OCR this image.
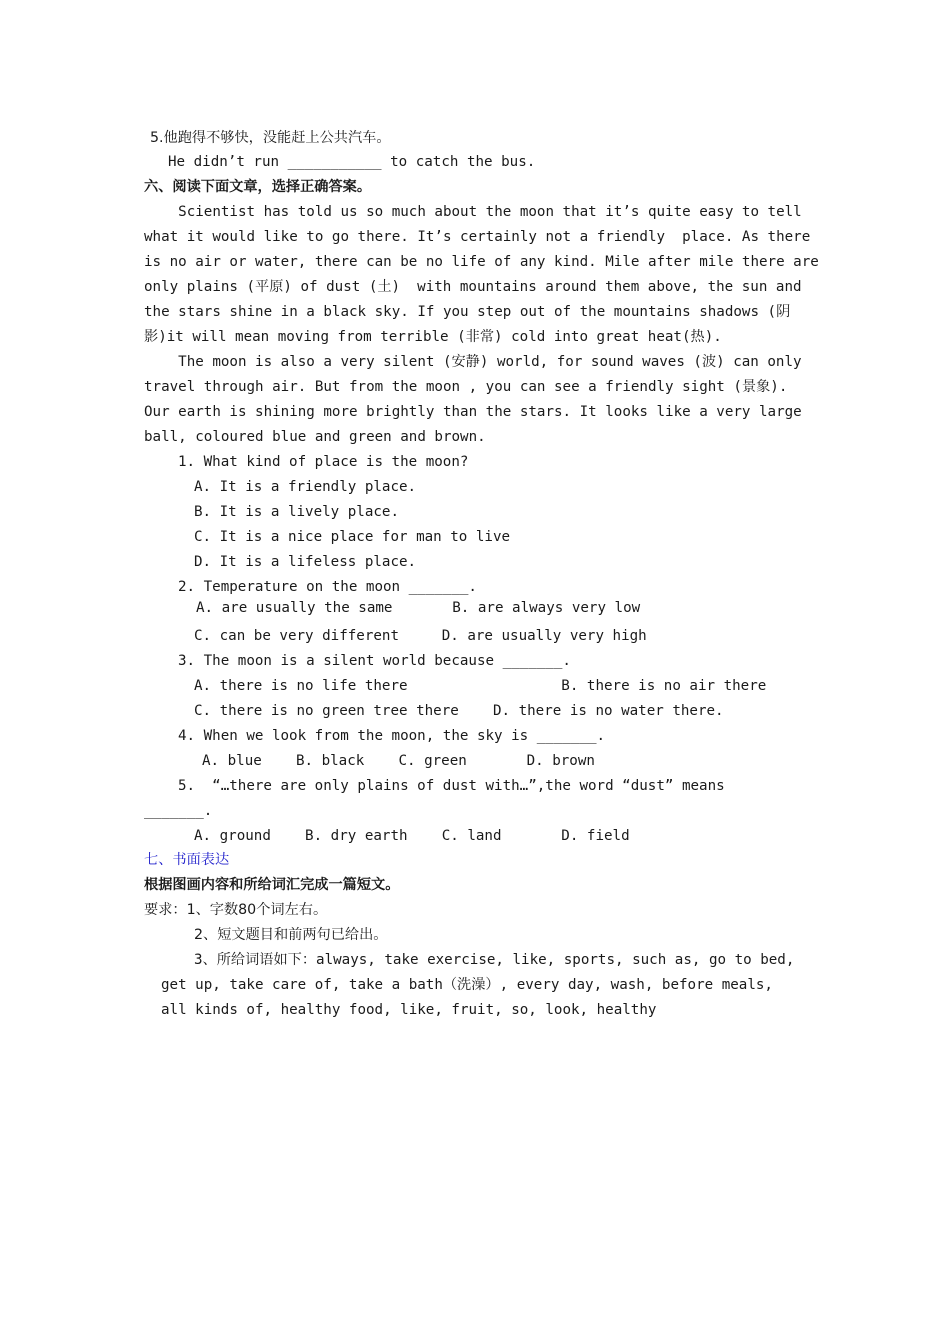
5.他跑得不够快，没能赶上公共汽车。
He didn’t run ___________ to catch the bus.
六、阅读下面文章，选择正确答案。
Scientist has told us so much about the moon that it’s quite easy to tell
what it would like to go there. It’s certainly not a friendly  place. As there
is no air or water, there can be no life of any kind. Mile after mile there are
only plains (平原) of dust (土)  with mountains around them above, the sun and
the stars shine in a black sky. If you step out of the mountains shadows (阴
影)it will mean moving from terrible (非常) cold into great heat(热).
The moon is also a very silent (安静) world, for sound waves (波) can only
travel through air. But from the moon , you can see a friendly sight (景象).
Our earth is shining more brightly than the stars. It looks like a very large
ball, coloured blue and green and brown.
1. What kind of place is the moon?
A. It is a friendly place.
B. It is a lively place.
C. It is a nice place for man to live
D. It is a lifeless place.
2. Temperature on the moon _______.
A. are usually the same       B. are always very low
C. can be very different     D. are usually very high
3. The moon is a silent world because _______.
A. there is no life there                  B. there is no air there
C. there is no green tree there    D. there is no water there.
4. When we look from the moon, the sky is _______.
A. blue    B. black    C. green       D. brown
5.  “…there are only plains of dust with…”,the word “dust” means
_______.
A. ground    B. dry earth    C. land       D. field
七、书面表达
根据图画内容和所给词汇完成一篇短文。
要求：1、字数80个词左右。
2、短文题目和前两句已给出。
3、所给词语如下：always, take exercise, like, sports, such as, go to bed,
get up, take care of, take a bath（洗澡）, every day, wash, before meals,
all kinds of, healthy food, like, fruit, so, look, healthy
